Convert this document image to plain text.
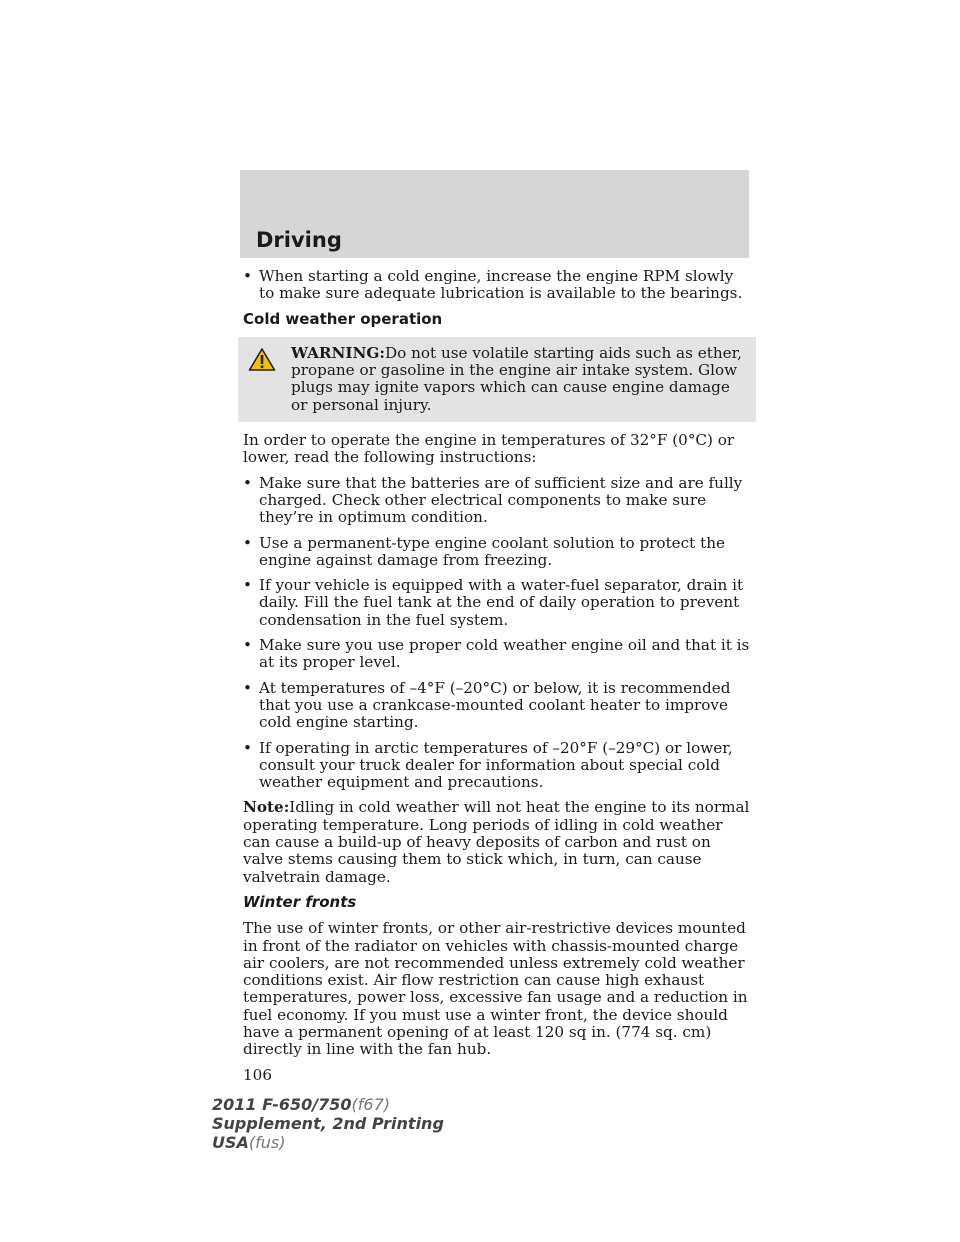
Driving
• When starting a cold engine, increase the engine RPM slowly to make sure adequate lubrication is available to the bearings.
Cold weather operation
WARNING:Do not use volatile starting aids such as ether, propane or gasoline in the engine air intake system. Glow plugs may ignite vapors which can cause engine damage or personal injury.
In order to operate the engine in temperatures of 32°F (0°C) or lower, read the following instructions:
• Make sure that the batteries are of sufficient size and are fully charged. Check other electrical components to make sure they’re in optimum condition.
• Use a permanent-type engine coolant solution to protect the engine against damage from freezing.
• If your vehicle is equipped with a water-fuel separator, drain it daily. Fill the fuel tank at the end of daily operation to prevent condensation in the fuel system.
• Make sure you use proper cold weather engine oil and that it is at its proper level.
• At temperatures of –4°F (–20°C) or below, it is recommended that you use a crankcase-mounted coolant heater to improve cold engine starting.
• If operating in arctic temperatures of –20°F (–29°C) or lower, consult your truck dealer for information about special cold weather equipment and precautions.
Note:Idling in cold weather will not heat the engine to its normal operating temperature. Long periods of idling in cold weather can cause a build-up of heavy deposits of carbon and rust on valve stems causing them to stick which, in turn, can cause valvetrain damage.
Winter fronts
The use of winter fronts, or other air-restrictive devices mounted in front of the radiator on vehicles with chassis-mounted charge air coolers, are not recommended unless extremely cold weather conditions exist. Air flow restriction can cause high exhaust temperatures, power loss, excessive fan usage and a reduction in fuel economy. If you must use a winter front, the device should have a permanent opening of at least 120 sq in. (774 sq. cm) directly in line with the fan hub.
106
2011 F-650/750(f67)
Supplement, 2nd Printing
USA(fus)
